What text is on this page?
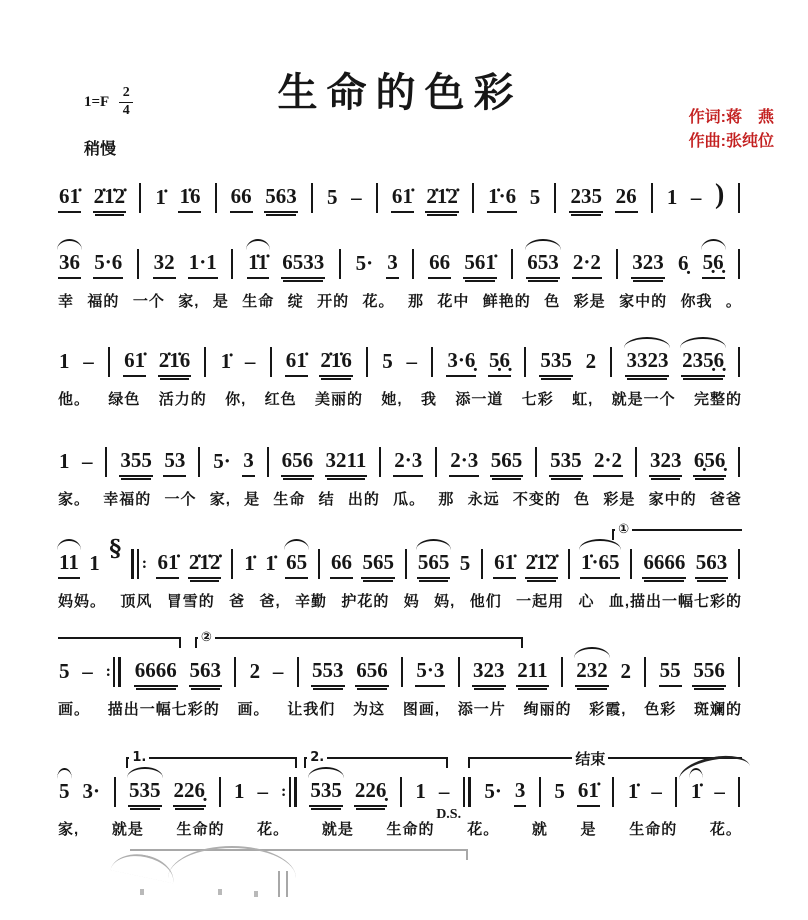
生命的色彩
$1=F \frac{2}{4}$
稍慢
作词:蒋　燕
作曲:张纯位
61̇ 2̇1̇2̇ 1̇ 1̇6 66 563 5 – 61̇ 2̇1̇2̇ 1̇·6 5 235 26 1 – )
36 5·6 32 1·1 1̇1̇ 6533 5· 3 66 561̇ 653 2·2 323 6̣ 5̣6̣
幸 福的 一个 家, 是 生命 绽 开的 花。 那 花中 鲜艳的 色 彩是 家中的 你我 。
1 – 61̇ 2̇1̇6 1̇ – 61̇ 2̇1̇6 5 – 3·6̣ 5̣6̣ 535 2 3323 235̣6̣
他。 绿色 活力的 你, 红色 美丽的 她, 我 添一道 七彩 虹, 就是一个 完整的
1 – 355 53 5· 3 656 3211 2·3 2·3 565 535 2·2 323 6̣56̣
家。 幸福的 一个 家, 是 生命 结 出的 瓜。 那 永远 不变的 色 彩是 家中的 爸爸
①
11 1
§
: 61̇ 2̇1̇2̇ 1̇ 1̇ 65 66 565 565 5 61̇ 2̇1̇2̇ 1̇·65 6666 563
妈妈。 顶风 冒雪的 爸 爸, 辛勤 护花的 妈 妈, 他们 一起用 心 血,描出一幅七彩的
②
5 – : 6666 563 2 – 553 656 5·3 323 211 232 2 55 556
画。 描出一幅七彩的 画。 让我们 为这 图画, 添一片 绚丽的 彩霞, 色彩 斑斓的
1.	2.	结束
5 3· 535 226̣ 1 – : 535 226̣ 1 – 5· 3 5 61̇ 1̇ – 1̇ –
D.S.
家, 就是 生命的 花。 就是 生命的 花。 就 是 生命的 花。
